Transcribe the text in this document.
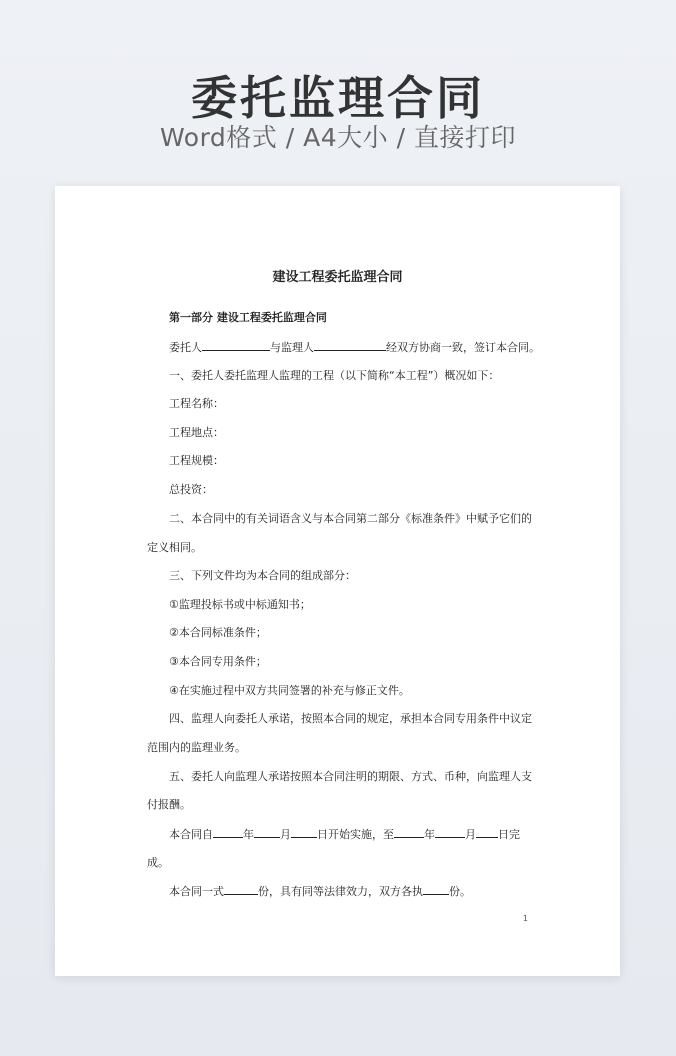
委托监理合同
Word格式 / A4大小 / 直接打印
建设工程委托监理合同
第一部分 建设工程委托监理合同
委托人	与监理人	经双方协商一致，签订本合同。
一、委托人委托监理人监理的工程（以下简称“本工程”）概况如下：
工程名称：
工程地点：
工程规模：
总投资：
二、本合同中的有关词语含义与本合同第二部分《标准条件》中赋予它们的
定义相同。
三、下列文件均为本合同的组成部分：
①监理投标书或中标通知书；
②本合同标准条件；
③本合同专用条件；
④在实施过程中双方共同签署的补充与修正文件。
四、监理人向委托人承诺，按照本合同的规定，承担本合同专用条件中议定
范围内的监理业务。
五、委托人向监理人承诺按照本合同注明的期限、方式、币种，向监理人支
付报酬。
本合同自	年 月 日开始实施，至	年	月 日完
成。
本合同一式	份，具有同等法律效力，双方各执 份。
1
